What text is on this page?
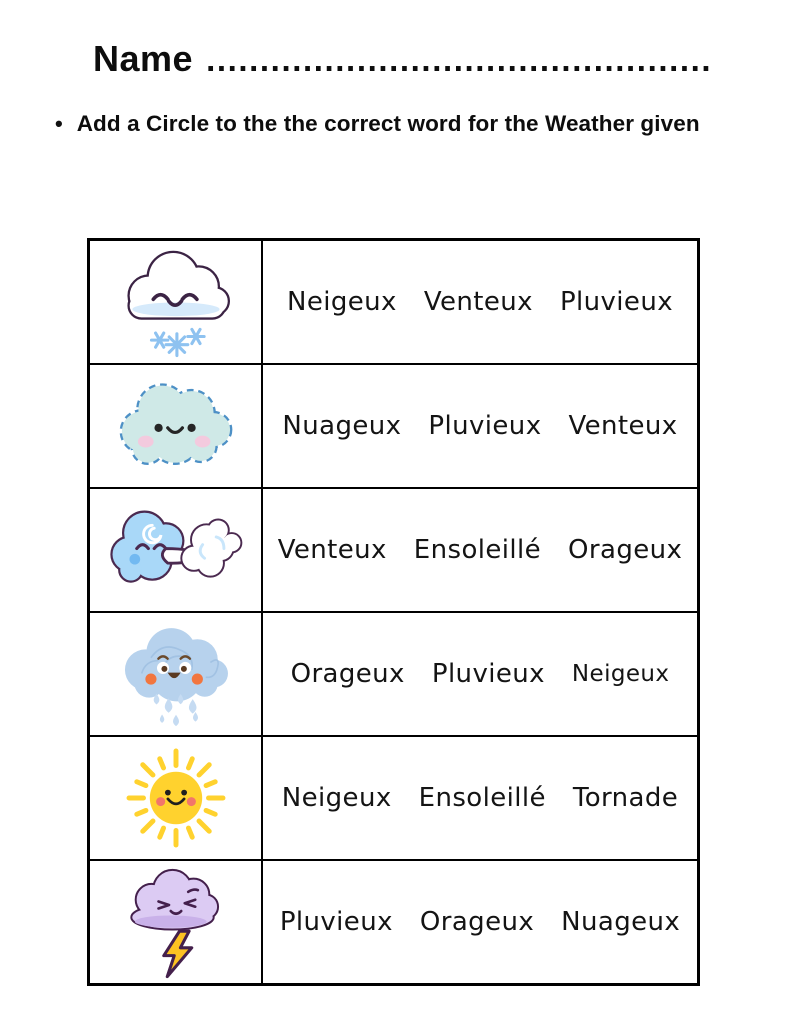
Name ...............................................
• Add a Circle to the the correct word for the Weather given

Neigeux Venteux Pluvieux

Nuageux Pluvieux Venteux

Venteux Ensoleillé Orageux

Orageux Pluvieux Neigeux

Neigeux Ensoleillé Tornade

Pluvieux Orageux Nuageux
